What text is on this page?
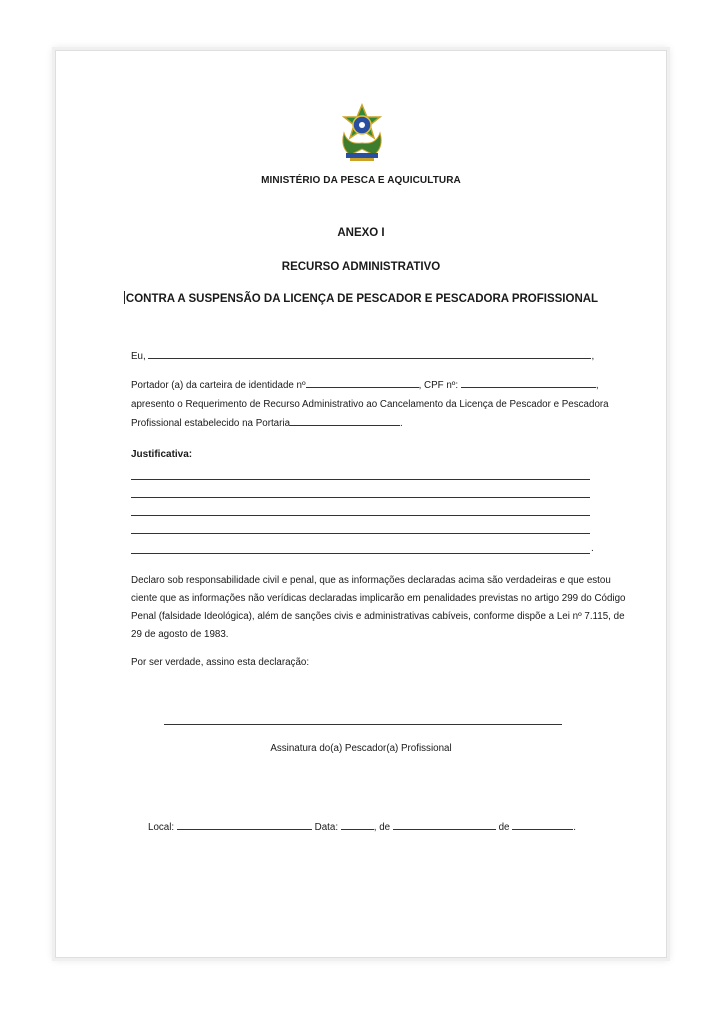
MINISTÉRIO DA PESCA E AQUICULTURA
ANEXO I
RECURSO ADMINISTRATIVO
CONTRA A SUSPENSÃO DA LICENÇA DE PESCADOR E PESCADORA PROFISSIONAL
Eu,	,
Portador (a) da carteira de identidade nº	, CPF nº:	,
apresento o Requerimento de Recurso Administrativo ao Cancelamento da Licença de Pescador e Pescadora
Profissional estabelecido na Portaria	.
Justificativa:
.
Declaro sob responsabilidade civil e penal, que as informações declaradas acima são verdadeiras e que estou
ciente que as informações não verídicas declaradas implicarão em penalidades previstas no artigo 299 do Código
Penal (falsidade Ideológica), além de sanções civis e administrativas cabíveis, conforme dispõe a Lei nº 7.115, de
29 de agosto de 1983.
Por ser verdade, assino esta declaração:
Assinatura do(a) Pescador(a) Profissional
Local:	Data:	, de	de	.
